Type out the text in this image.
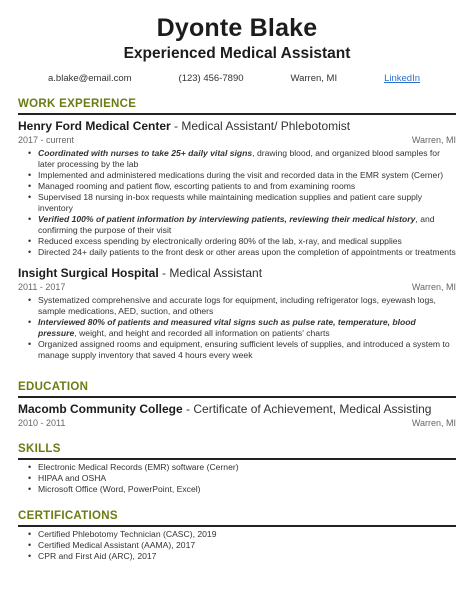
Dyonte Blake
Experienced Medical Assistant
a.blake@email.com	(123) 456-7890	Warren, MI	LinkedIn
WORK EXPERIENCE
Henry Ford Medical Center - Medical Assistant/ Phlebotomist
2017 - current	Warren, MI
• Coordinated with nurses to take 25+ daily vital signs, drawing blood, and organized blood samples for later processing by the lab
• Implemented and administered medications during the visit and recorded data in the EMR system (Cerner)
• Managed rooming and patient flow, escorting patients to and from examining rooms
• Supervised 18 nursing in-box requests while maintaining medication supplies and patient care supply inventory
• Verified 100% of patient information by interviewing patients, reviewing their medical history, and confirming the purpose of their visit
• Reduced excess spending by electronically ordering 80% of the lab, x-ray, and medical supplies
• Directed 24+ daily patients to the front desk or other areas upon the completion of appointments or treatments
Insight Surgical Hospital - Medical Assistant
2011 - 2017	Warren, MI
• Systematized comprehensive and accurate logs for equipment, including refrigerator logs, eyewash logs, sample medications, AED, suction, and others
• Interviewed 80% of patients and measured vital signs such as pulse rate, temperature, blood pressure, weight, and height and recorded all information on patients' charts
• Organized assigned rooms and equipment, ensuring sufficient levels of supplies, and introduced a system to manage supply inventory that saved 4 hours every week
EDUCATION
Macomb Community College - Certificate of Achievement, Medical Assisting
2010 - 2011	Warren, MI
SKILLS
• Electronic Medical Records (EMR) software (Cerner)
• HIPAA and OSHA
• Microsoft Office (Word, PowerPoint, Excel)
CERTIFICATIONS
• Certified Phlebotomy Technician (CASC), 2019
• Certified Medical Assistant (AAMA), 2017
• CPR and First Aid (ARC), 2017
